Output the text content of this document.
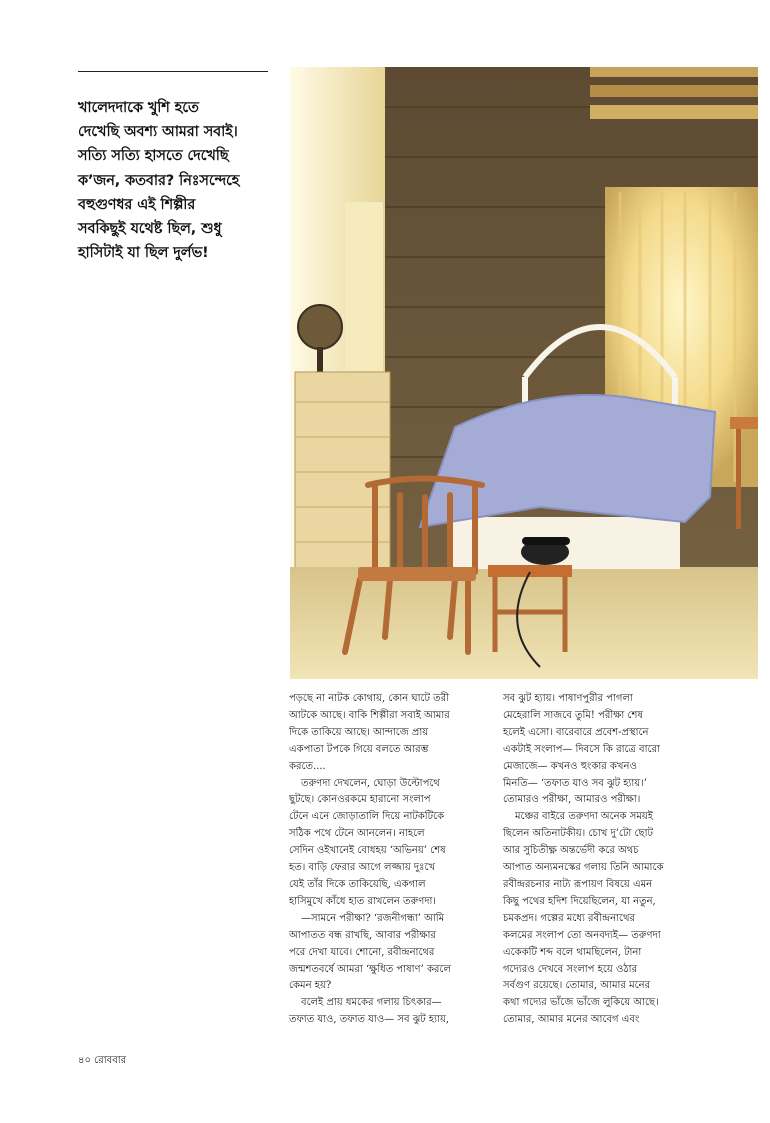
খালেদদাকে খুশি হতে
দেখেছি অবশ্য আমরা সবাই।
সত্যি সত্যি হাসতে দেখেছি
ক’জন, কতবার? নিঃসন্দেহে
বহুগুণধর এই শিল্পীর
সবকিছুই যথেষ্ট ছিল, শুধু
হাসিটাই যা ছিল দুর্লভ!
পড়ছে না নাটক কোথায়, কোন ঘাটে তরী
আটকে আছে। বাকি শিল্পীরা সবাই আমার
দিকে তাকিয়ে আছে। আন্দাজে প্রায়
একপাতা টপকে গিয়ে বলতে আরম্ভ
করতে....
তরুণদা দেখলেন, ঘোড়া উল্টোপথে
ছুটছে। কোনওরকমে হারানো সংলাপ
টেনে এনে জোড়াতালি দিয়ে নাটকটিকে
সঠিক পথে টেনে আনলেন। নাহলে
সেদিন ওইখানেই বোধহয় ‘অভিনয়’ শেষ
হত। বাড়ি ফেরার আগে লজ্জায় দুঃখে
যেই তাঁর দিকে তাকিয়েছি, একগাল
হাসিমুখে কাঁধে হাত রাখলেন তরুণদা।
—সামনে পরীক্ষা? ‘রজনীগন্ধা’ আমি
আপাতত বন্ধ রাখছি, আবার পরীক্ষার
পরে দেখা যাবে। শোনো, রবীন্দ্রনাথের
জন্মশতবর্ষে আমরা ‘ক্ষুধিত পাষাণ’ করলে
কেমন হয়?
বলেই প্রায় ধমকের গলায় চিৎকার—
তফাত যাও, তফাত যাও— সব ঝুট হ্যায়,
সব ঝুট হ্যায়। পাষাণপুরীর পাগলা
মেহেরালি সাজবে তুমি! পরীক্ষা শেষ
হলেই এসো। বারেবারে প্রবেশ-প্রস্থানে
একটাই সংলাপ— দিবসে কি রাত্রে বারো
মেজাজে— কখনও হুংকার কখনও
মিনতি— ‘তফাত যাও সব ঝুট হ্যায়।’
তোমারও পরীক্ষা, আমারও পরীক্ষা।
মঞ্চের বাইরে তরুণদা অনেক সময়ই
ছিলেন অতিনাটকীয়। চোখ দু’টো ছোট
আর সুচিতীক্ষ্ণ অন্তর্ভেদী করে অথচ
আপাত অন্যমনস্কের গলায় তিনি আমাকে
রবীন্দ্ররচনার নাট্য রূপায়ণ বিষয়ে এমন
কিছু পথের হদিশ দিয়েছিলেন, যা নতুন,
চমকপ্রদ। গল্পের মধ্যে রবীন্দ্রনাথের
কলমের সংলাপ তো অনবদ্যই— তরুণদা
একেকটি শব্দ বলে থামছিলেন, টানা
গদ্যেরও দেখবে সংলাপ হয়ে ওঠার
সর্বগুণ রয়েছে। তোমার, আমার মনের
কথা গদ্যের ভাঁজে ভাঁজে লুকিয়ে আছে।
তোমার, আমার মনের আবেগ এবং
৪০ রোববার
